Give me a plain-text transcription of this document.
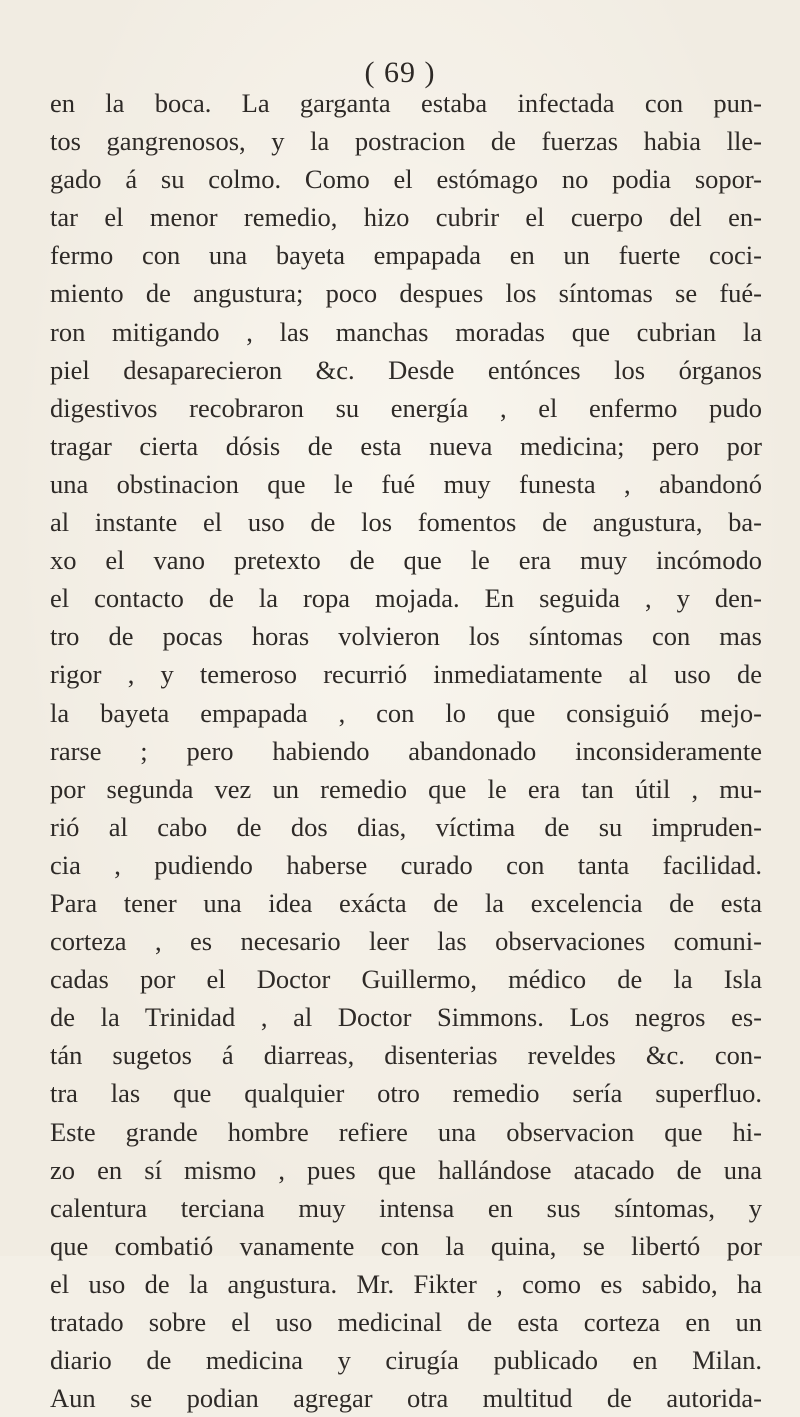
( 69 )
en la boca. La garganta estaba infectada con pun-
tos gangrenosos, y la postracion de fuerzas habia lle-
gado á su colmo. Como el estómago no podia sopor-
tar el menor remedio, hizo cubrir el cuerpo del en-
fermo con una bayeta empapada en un fuerte coci-
miento de angustura; poco despues los síntomas se fué-
ron mitigando , las manchas moradas que cubrian la
piel desaparecieron &c. Desde entónces los órganos
digestivos recobraron su energía , el enfermo pudo
tragar cierta dósis de esta nueva medicina; pero por
una obstinacion que le fué muy funesta , abandonó
al instante el uso de los fomentos de angustura, ba-
xo el vano pretexto de que le era muy incómodo
el contacto de la ropa mojada. En seguida , y den-
tro de pocas horas volvieron los síntomas con mas
rigor , y temeroso recurrió inmediatamente al uso de
la bayeta empapada , con lo que consiguió mejo-
rarse ; pero habiendo abandonado inconsideramente
por segunda vez un remedio que le era tan útil , mu-
rió al cabo de dos dias, víctima de su impruden-
cia , pudiendo haberse curado con tanta facilidad.
Para tener una idea exácta de la excelencia de esta
corteza , es necesario leer las observaciones comuni-
cadas por el Doctor Guillermo, médico de la Isla
de la Trinidad , al Doctor Simmons. Los negros es-
tán sugetos á diarreas, disenterias reveldes &c. con-
tra las que qualquier otro remedio sería superfluo.
Este grande hombre refiere una observacion que hi-
zo en sí mismo , pues que hallándose atacado de una
calentura terciana muy intensa en sus síntomas, y
que combatió vanamente con la quina, se libertó por
el uso de la angustura. Mr. Fikter , como es sabido, ha
tratado sobre el uso medicinal de esta corteza en un
diario de medicina y cirugía publicado en Milan.
Aun se podian agregar otra multitud de autorida-
